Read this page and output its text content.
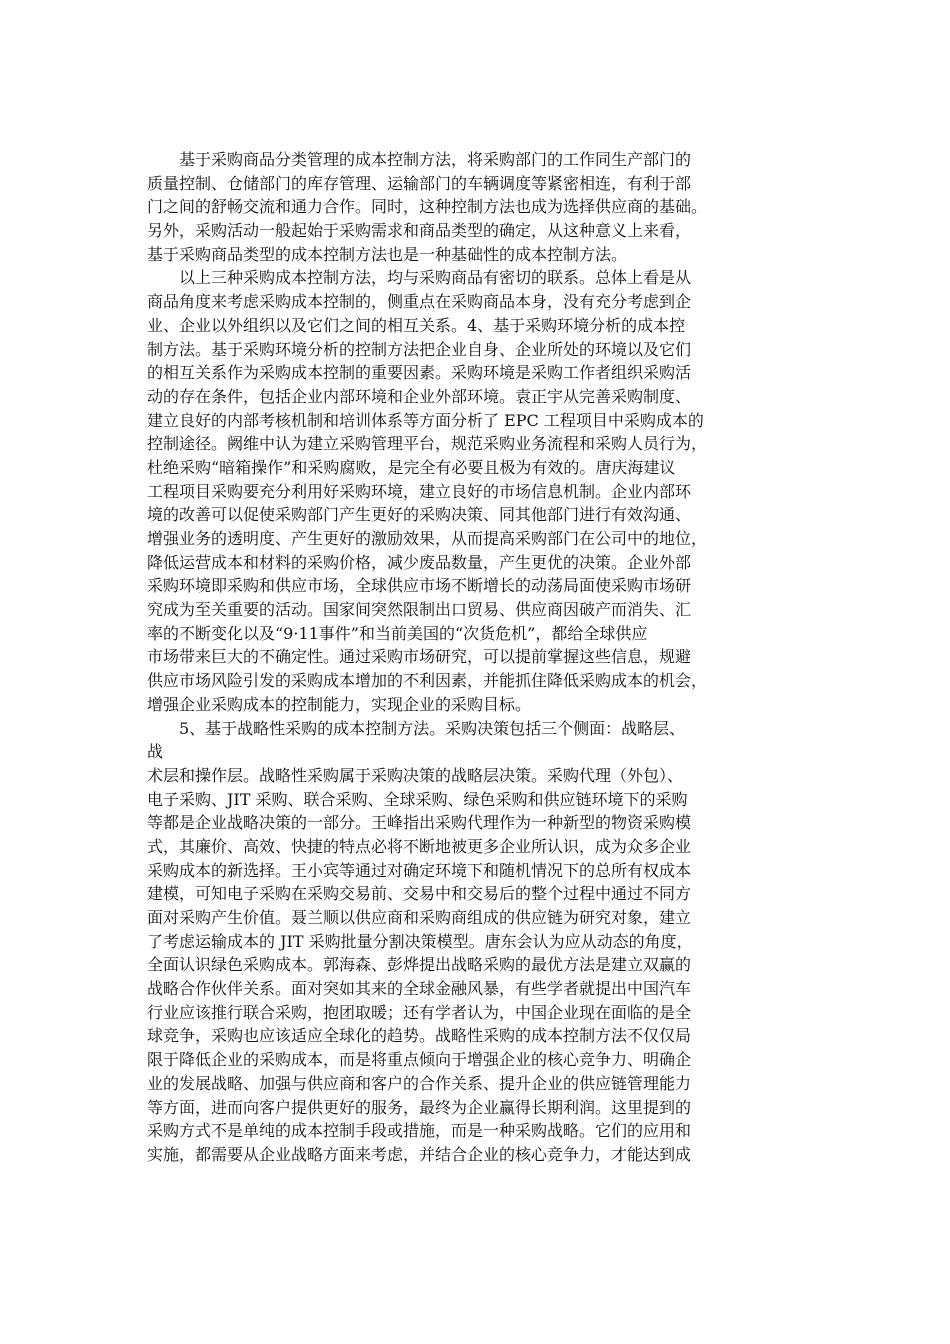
　　基于采购商品分类管理的成本控制方法，将采购部门的工作同生产部门的
质量控制、仓储部门的库存管理、运输部门的车辆调度等紧密相连，有利于部
门之间的舒畅交流和通力合作。同时，这种控制方法也成为选择供应商的基础。
另外，采购活动一般起始于采购需求和商品类型的确定，从这种意义上来看，
基于采购商品类型的成本控制方法也是一种基础性的成本控制方法。
　　以上三种采购成本控制方法，均与采购商品有密切的联系。总体上看是从
商品角度来考虑采购成本控制的，侧重点在采购商品本身，没有充分考虑到企
业、企业以外组织以及它们之间的相互关系。4、基于采购环境分析的成本控
制方法。基于采购环境分析的控制方法把企业自身、企业所处的环境以及它们
的相互关系作为采购成本控制的重要因素。采购环境是采购工作者组织采购活
动的存在条件，包括企业内部环境和企业外部环境。袁正宇从完善采购制度、
建立良好的内部考核机制和培训体系等方面分析了 EPC 工程项目中采购成本的
控制途径。阙维中认为建立采购管理平台，规范采购业务流程和采购人员行为，
杜绝采购“暗箱操作”和采购腐败，是完全有必要且极为有效的。唐庆海建议
工程项目采购要充分利用好采购环境，建立良好的市场信息机制。企业内部环
境的改善可以促使采购部门产生更好的采购决策、同其他部门进行有效沟通、
增强业务的透明度、产生更好的激励效果，从而提高采购部门在公司中的地位，
降低运营成本和材料的采购价格，减少废品数量，产生更优的决策。企业外部
采购环境即采购和供应市场，全球供应市场不断增长的动荡局面使采购市场研
究成为至关重要的活动。国家间突然限制出口贸易、供应商因破产而消失、汇
率的不断变化以及“9·11事件”和当前美国的“次货危机”，都给全球供应
市场带来巨大的不确定性。通过采购市场研究，可以提前掌握这些信息，规避
供应市场风险引发的采购成本增加的不利因素，并能抓住降低采购成本的机会，
增强企业采购成本的控制能力，实现企业的采购目标。
　　5、基于战略性采购的成本控制方法。采购决策包括三个侧面：战略层、
战
术层和操作层。战略性采购属于采购决策的战略层决策。采购代理（外包）、
电子采购、JIT 采购、联合采购、全球采购、绿色采购和供应链环境下的采购
等都是企业战略决策的一部分。王峰指出采购代理作为一种新型的物资采购模
式，其廉价、高效、快捷的特点必将不断地被更多企业所认识，成为众多企业
采购成本的新选择。王小宾等通过对确定环境下和随机情况下的总所有权成本
建模，可知电子采购在采购交易前、交易中和交易后的整个过程中通过不同方
面对采购产生价值。聂兰顺以供应商和采购商组成的供应链为研究对象，建立
了考虑运输成本的 JIT 采购批量分割决策模型。唐东会认为应从动态的角度，
全面认识绿色采购成本。郭海森、彭烨提出战略采购的最优方法是建立双赢的
战略合作伙伴关系。面对突如其来的全球金融风暴，有些学者就提出中国汽车
行业应该推行联合采购，抱团取暖；还有学者认为，中国企业现在面临的是全
球竞争，采购也应该适应全球化的趋势。战略性采购的成本控制方法不仅仅局
限于降低企业的采购成本，而是将重点倾向于增强企业的核心竞争力、明确企
业的发展战略、加强与供应商和客户的合作关系、提升企业的供应链管理能力
等方面，进而向客户提供更好的服务，最终为企业赢得长期利润。这里提到的
采购方式不是单纯的成本控制手段或措施，而是一种采购战略。它们的应用和
实施，都需要从企业战略方面来考虑，并结合企业的核心竞争力，才能达到成
